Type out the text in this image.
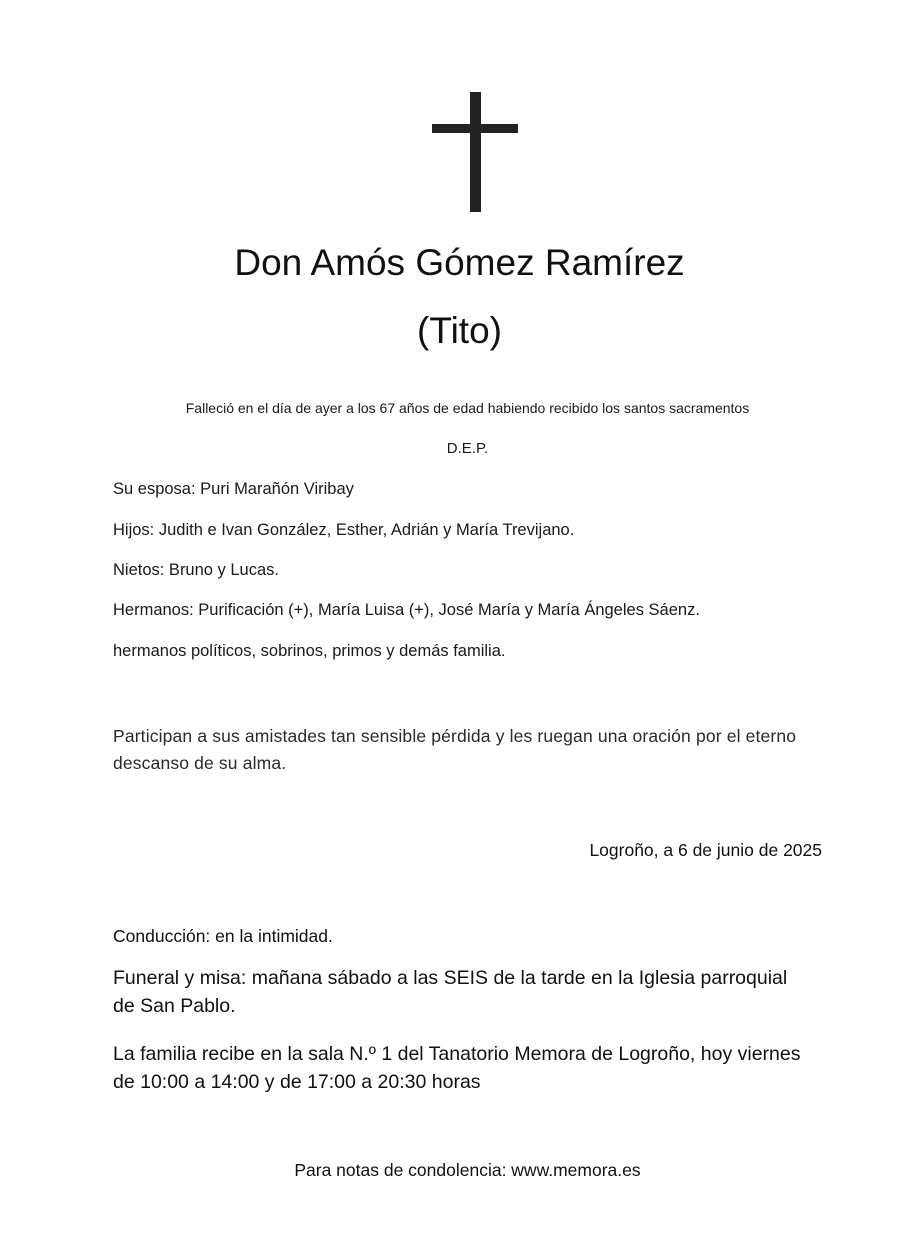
Don Amós Gómez Ramírez
(Tito)
Falleció en el día de ayer a los 67 años de edad habiendo recibido los santos sacramentos
D.E.P.
Su esposa: Puri Marañón Viribay
Hijos: Judith e Ivan González, Esther, Adrián y María Trevijano.
Nietos: Bruno y Lucas.
Hermanos: Purificación (+), María Luisa (+), José María y María Ángeles Sáenz.
hermanos políticos, sobrinos, primos y demás familia.
Participan a sus amistades tan sensible pérdida y les ruegan una oración por el eterno descanso de su alma.
Logroño, a 6 de junio de 2025
Conducción: en la intimidad.
Funeral y misa: mañana sábado a las SEIS de la tarde en la Iglesia parroquial de San Pablo.
La familia recibe en la sala N.º 1 del Tanatorio Memora de Logroño, hoy viernes de 10:00 a 14:00 y de 17:00 a 20:30 horas
Para notas de condolencia: www.memora.es
